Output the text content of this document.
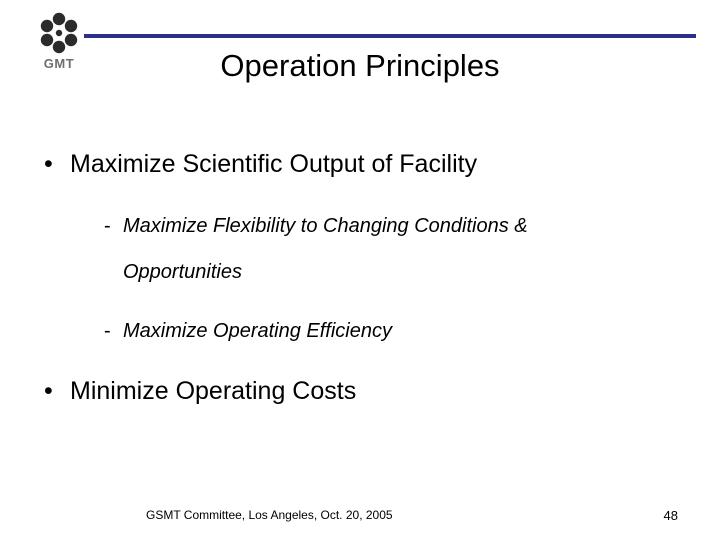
GMT	Operation Principles
• Maximize Scientific Output of Facility
- Maximize Flexibility to Changing Conditions &
Opportunities
- Maximize Operating Efficiency
• Minimize Operating Costs
GSMT Committee, Los Angeles, Oct. 20, 2005	48
